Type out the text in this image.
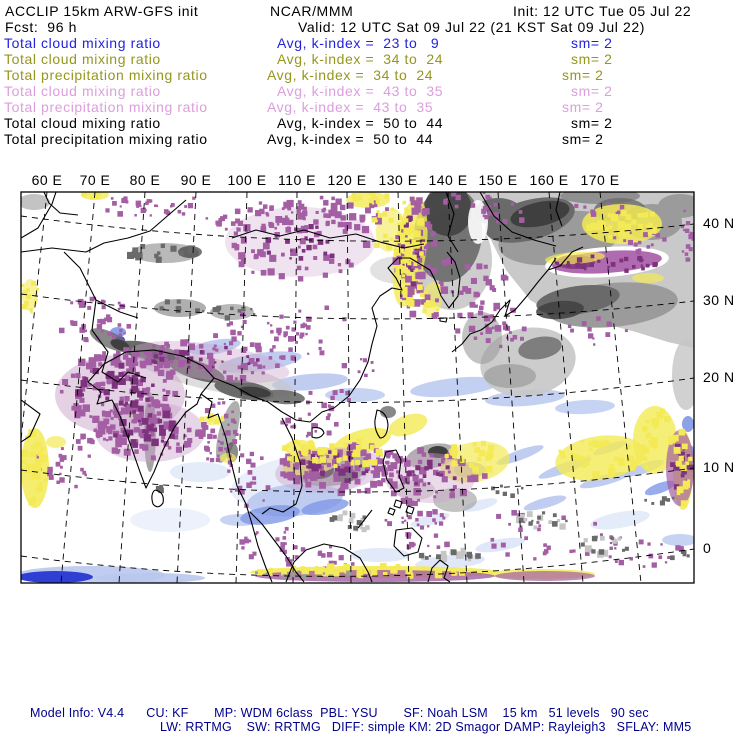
ACCLIP 15km ARW-GFS init	NCAR/MMM	Init: 12 UTC Tue 05 Jul 22
Fcst:  96 h	Valid: 12 UTC Sat 09 Jul 22 (21 KST Sat 09 Jul 22)
Total cloud mixing ratio	Avg, k-index =  23 to   9	sm= 2
Total cloud mixing ratio	Avg, k-index =  34 to  24	sm= 2
Total precipitation mixing ratio	Avg, k-index =  34 to  24	sm= 2
Total cloud mixing ratio	Avg, k-index =  43 to  35	sm= 2
Total precipitation mixing ratio	Avg, k-index =  43 to  35	sm= 2
Total cloud mixing ratio	Avg, k-index =  50 to  44	sm= 2
Total precipitation mixing ratio	Avg, k-index =  50 to  44	sm= 2
60 E 70 E 80 E 90 E 100 E 110 E 120 E 130 E 140 E 150 E 160 E 170 E
40 N
30 N
20 N
10 N
0
Model Info: V4.4      CU: KF       MP: WDM 6class  PBL: YSU       SF: Noah LSM    15 km   51 levels   90 sec
LW: RRTMG    SW: RRTMG   DIFF: simple KM: 2D Smagor DAMP: Rayleigh3   SFLAY: MM5
